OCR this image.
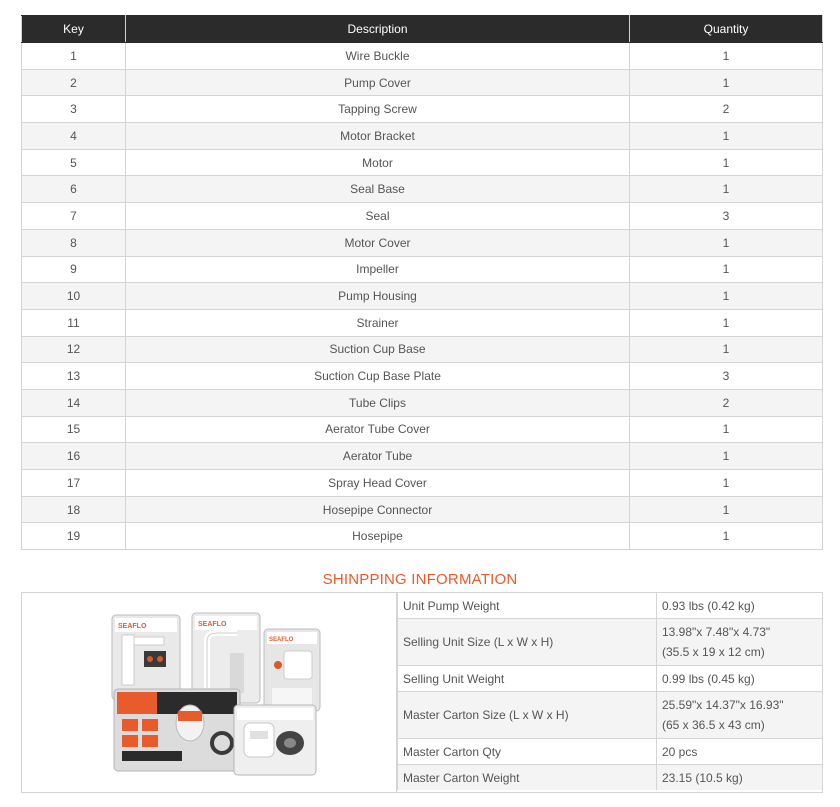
Key	Description	Quantity
1	Wire Buckle	1
2	Pump Cover	1
3	Tapping Screw	2
4	Motor Bracket	1
5	Motor	1
6	Seal Base	1
7	Seal	3
8	Motor Cover	1
9	Impeller	1
10	Pump Housing	1
11	Strainer	1
12	Suction Cup Base	1
13	Suction Cup Base Plate	3
14	Tube Clips	2
15	Aerator Tube Cover	1
16	Aerator Tube	1
17	Spray Head Cover	1
18	Hosepipe Connector	1
19	Hosepipe	1
SHINPPING INFORMATION
SEAFLO	SEAFLO
SEAFLO
Unit Pump Weight	0.93 lbs (0.42 kg)

Selling Unit Size (L x W x H)	13.98"x 7.48"x 4.73"
(35.5 x 19 x 12 cm)

Selling Unit Weight	0.99 lbs (0.45 kg)

Master Carton Size (L x W x H)	25.59"x 14.37"x 16.93"
(65 x 36.5 x 43 cm)

Master Carton Qty	20 pcs

Master Carton Weight	23.15 (10.5 kg)
